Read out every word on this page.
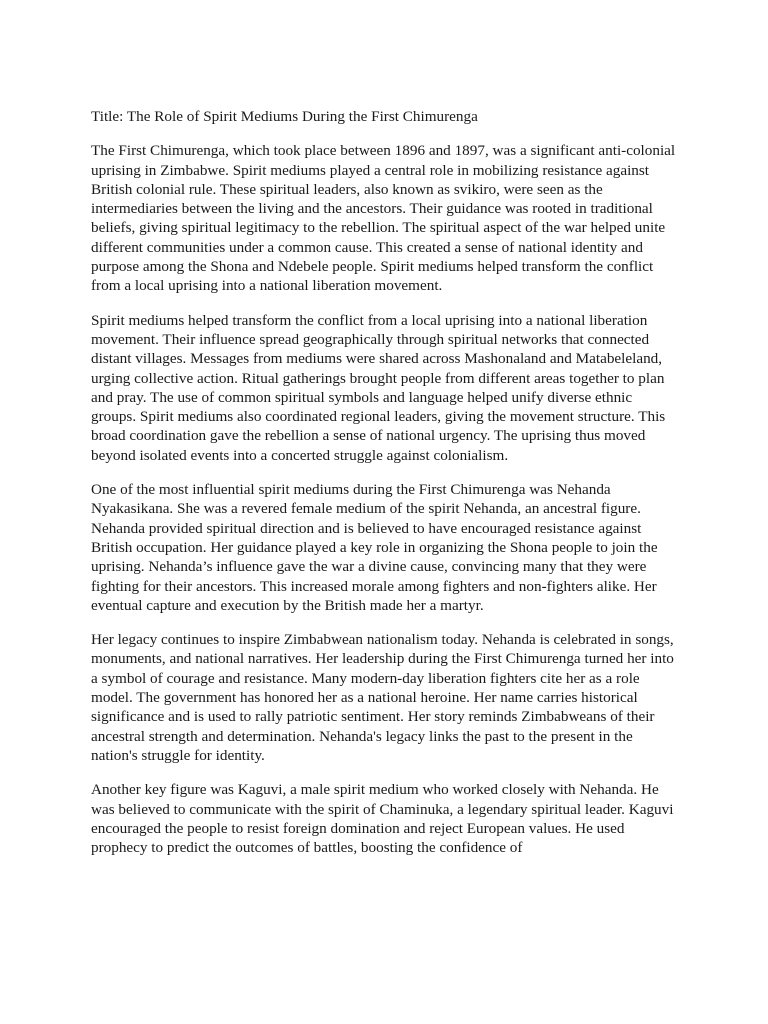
Title: The Role of Spirit Mediums During the First Chimurenga

The First Chimurenga, which took place between 1896 and 1897, was a significant anti-colonial uprising in Zimbabwe. Spirit mediums played a central role in mobilizing resistance against British colonial rule. These spiritual leaders, also known as svikiro, were seen as the intermediaries between the living and the ancestors. Their guidance was rooted in traditional beliefs, giving spiritual legitimacy to the rebellion. The spiritual aspect of the war helped unite different communities under a common cause. This created a sense of national identity and purpose among the Shona and Ndebele people. Spirit mediums helped transform the conflict from a local uprising into a national liberation movement.

Spirit mediums helped transform the conflict from a local uprising into a national liberation movement. Their influence spread geographically through spiritual networks that connected distant villages. Messages from mediums were shared across Mashonaland and Matabeleland, urging collective action. Ritual gatherings brought people from different areas together to plan and pray. The use of common spiritual symbols and language helped unify diverse ethnic groups. Spirit mediums also coordinated regional leaders, giving the movement structure. This broad coordination gave the rebellion a sense of national urgency. The uprising thus moved beyond isolated events into a concerted struggle against colonialism.

One of the most influential spirit mediums during the First Chimurenga was Nehanda Nyakasikana. She was a revered female medium of the spirit Nehanda, an ancestral figure. Nehanda provided spiritual direction and is believed to have encouraged resistance against British occupation. Her guidance played a key role in organizing the Shona people to join the uprising. Nehanda’s influence gave the war a divine cause, convincing many that they were fighting for their ancestors. This increased morale among fighters and non-fighters alike. Her eventual capture and execution by the British made her a martyr.

Her legacy continues to inspire Zimbabwean nationalism today. Nehanda is celebrated in songs, monuments, and national narratives. Her leadership during the First Chimurenga turned her into a symbol of courage and resistance. Many modern-day liberation fighters cite her as a role model. The government has honored her as a national heroine. Her name carries historical significance and is used to rally patriotic sentiment. Her story reminds Zimbabweans of their ancestral strength and determination. Nehanda's legacy links the past to the present in the nation's struggle for identity.

Another key figure was Kaguvi, a male spirit medium who worked closely with Nehanda. He was believed to communicate with the spirit of Chaminuka, a legendary spiritual leader. Kaguvi encouraged the people to resist foreign domination and reject European values. He used prophecy to predict the outcomes of battles, boosting the confidence of
